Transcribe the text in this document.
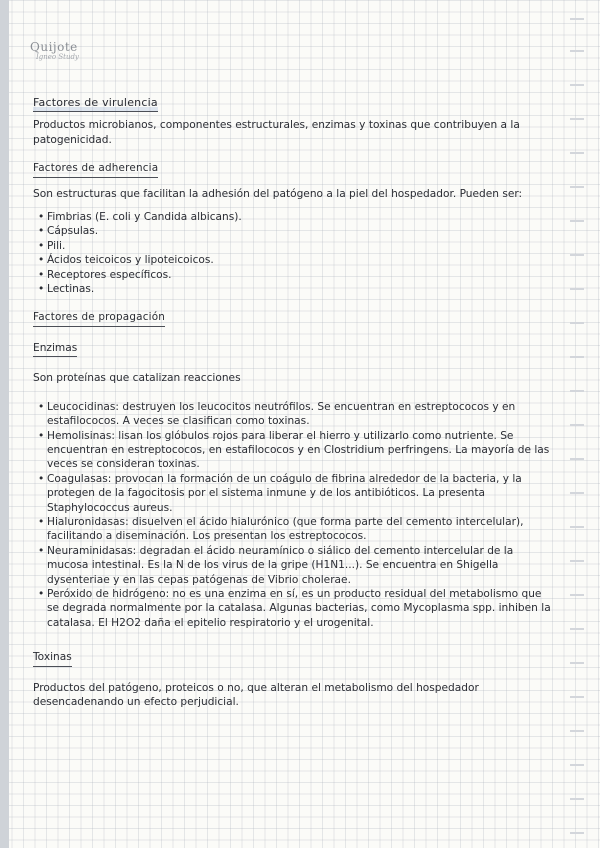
Quijote
Ígneo Study
Factores de virulencia

Productos microbianos, componentes estructurales, enzimas y toxinas que contribuyen a la patogenicidad.

Factores de adherencia

Son estructuras que facilitan la adhesión del patógeno a la piel del hospedador. Pueden ser:

• Fimbrias (E. coli y Candida albicans).
• Cápsulas.
• Pili.
• Ácidos teicoicos y lipoteicoicos.
• Receptores específicos.
• Lectinas.
Factores de propagación
Enzimas

Son proteínas que catalizan reacciones

• Leucocidinas: destruyen los leucocitos neutrófilos. Se encuentran en estreptococos y en estafilococos. A veces se clasifican como toxinas.
• Hemolisinas: lisan los glóbulos rojos para liberar el hierro y utilizarlo como nutriente. Se encuentran en estreptococos, en estafilococos y en Clostridium perfringens. La mayoría de las veces se consideran toxinas.
• Coagulasas: provocan la formación de un coágulo de fibrina alrededor de la bacteria, y la protegen de la fagocitosis por el sistema inmune y de los antibióticos. La presenta Staphylococcus aureus.
• Hialuronidasas: disuelven el ácido hialurónico (que forma parte del cemento intercelular), facilitando a diseminación. Los presentan los estreptococos.
• Neuraminidasas: degradan el ácido neuramínico o siálico del cemento intercelular de la mucosa intestinal. Es la N de los virus de la gripe (H1N1...). Se encuentra en Shigella dysenteriae y en las cepas patógenas de Vibrio cholerae.
• Peróxido de hidrógeno: no es una enzima en sí, es un producto residual del metabolismo que se degrada normalmente por la catalasa. Algunas bacterias, como Mycoplasma spp. inhiben la catalasa. El H2O2 daña el epitelio respiratorio y el urogenital.
Toxinas

Productos del patógeno, proteicos o no, que alteran el metabolismo del hospedador desencadenando un efecto perjudicial.
